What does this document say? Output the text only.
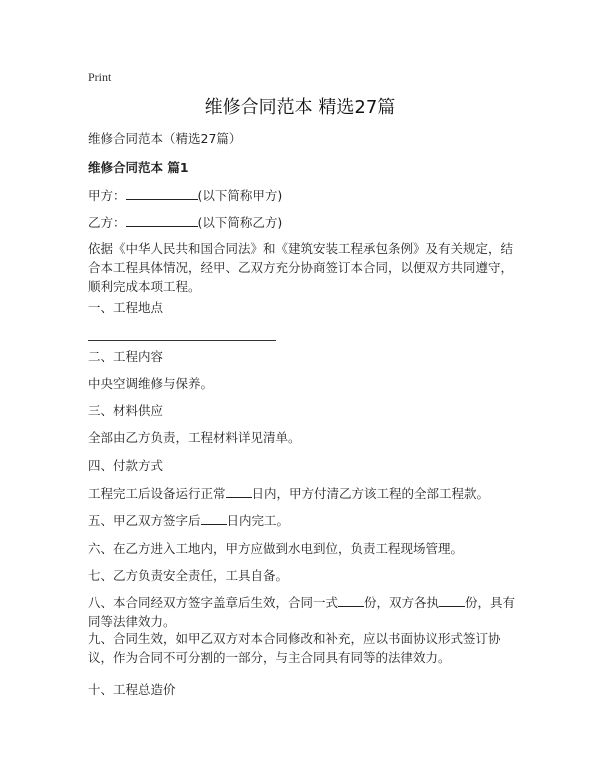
Print
维修合同范本 精选27篇
维修合同范本（精选27篇）
维修合同范本 篇1
甲方：	(以下简称甲方)
乙方：	(以下简称乙方)
依据《中华人民共和国合同法》和《建筑安装工程承包条例》及有关规定，结合本工程具体情况，经甲、乙双方充分协商签订本合同，以便双方共同遵守，顺利完成本项工程。
一、工程地点
二、工程内容
中央空调维修与保养。
三、材料供应
全部由乙方负责，工程材料详见清单。
四、付款方式
工程完工后设备运行正常 日内，甲方付清乙方该工程的全部工程款。
五、甲乙双方签字后 日内完工。
六、在乙方进入工地内，甲方应做到水电到位，负责工程现场管理。
七、乙方负责安全责任，工具自备。
八、本合同经双方签字盖章后生效，合同一式 份，双方各执 份，具有同等法律效力。
九、合同生效，如甲乙双方对本合同修改和补充，应以书面协议形式签订协议，作为合同不可分割的一部分，与主合同具有同等的法律效力。
十、工程总造价
